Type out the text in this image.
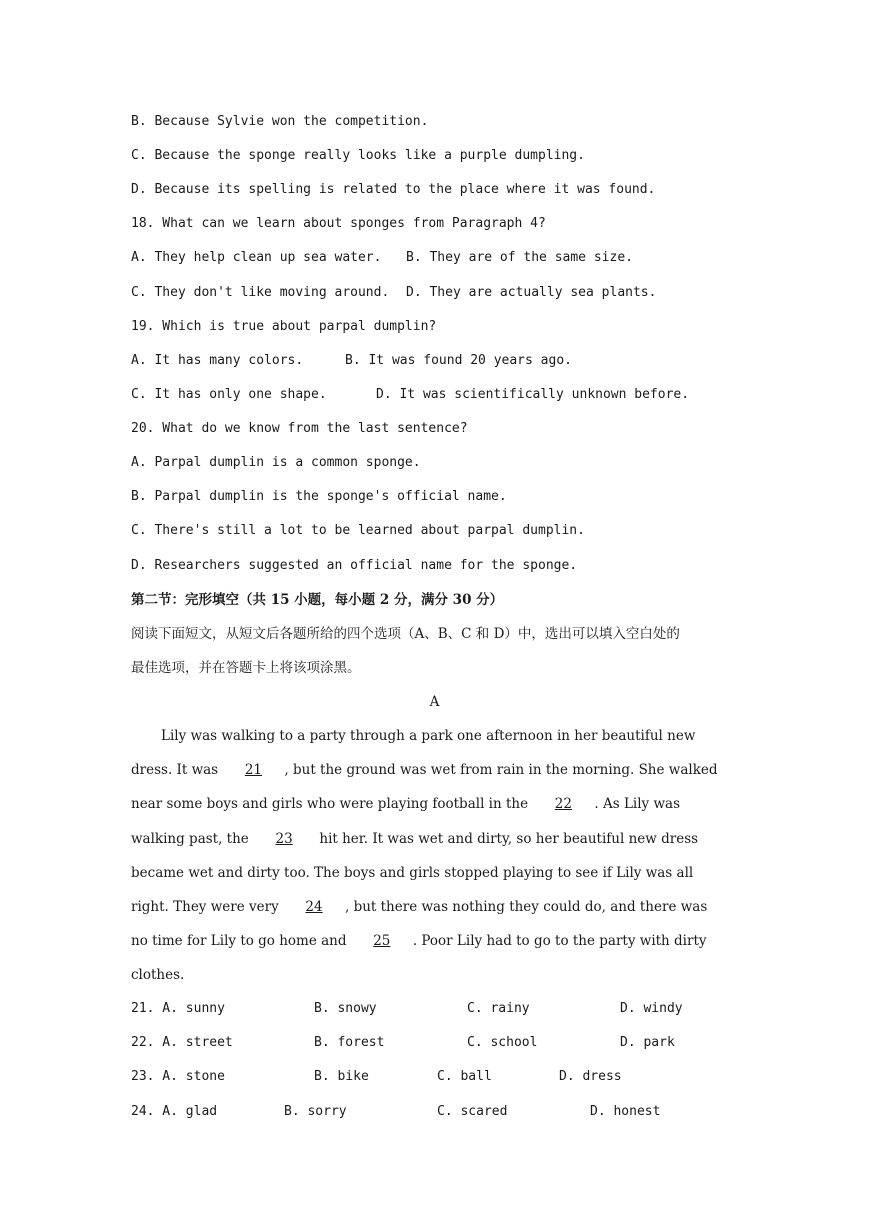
B. Because Sylvie won the competition.
C. Because the sponge really looks like a purple dumpling.
D. Because its spelling is related to the place where it was found.
18. What can we learn about sponges from Paragraph 4?
A. They help clean up sea water. B. They are of the same size.
C. They don't like moving around. D. They are actually sea plants.
19. Which is true about parpal dumplin?
A. It has many colors.	B. It was found 20 years ago.
C. It has only one shape.	D. It was scientifically unknown before.
20. What do we know from the last sentence?
A. Parpal dumplin is a common sponge.
B. Parpal dumplin is the sponge's official name.
C. There's still a lot to be learned about parpal dumplin.
D. Researchers suggested an official name for the sponge.
第二节：完形填空（共 15 小题，每小题 2 分，满分 30 分）
阅读下面短文，从短文后各题所给的四个选项（A、B、C 和 D）中，选出可以填入空白处的
最佳选项，并在答题卡上将该项涂黑。
A
Lily was walking to a party through a park one afternoon in her beautiful new
dress. It was 21 , but the ground was wet from rain in the morning. She walked
near some boys and girls who were playing football in the 22 . As Lily was
walking past, the 23 hit her. It was wet and dirty, so her beautiful new dress
became wet and dirty too. The boys and girls stopped playing to see if Lily was all
right. They were very 24 , but there was nothing they could do, and there was
no time for Lily to go home and 25 . Poor Lily had to go to the party with dirty
clothes.
21. A. sunny	B. snowy	C. rainy	D. windy
22. A. street	B. forest	C. school	D. park
23. A. stone	B. bike	C. ball	D. dress
24. A. glad	B. sorry	C. scared	D. honest
